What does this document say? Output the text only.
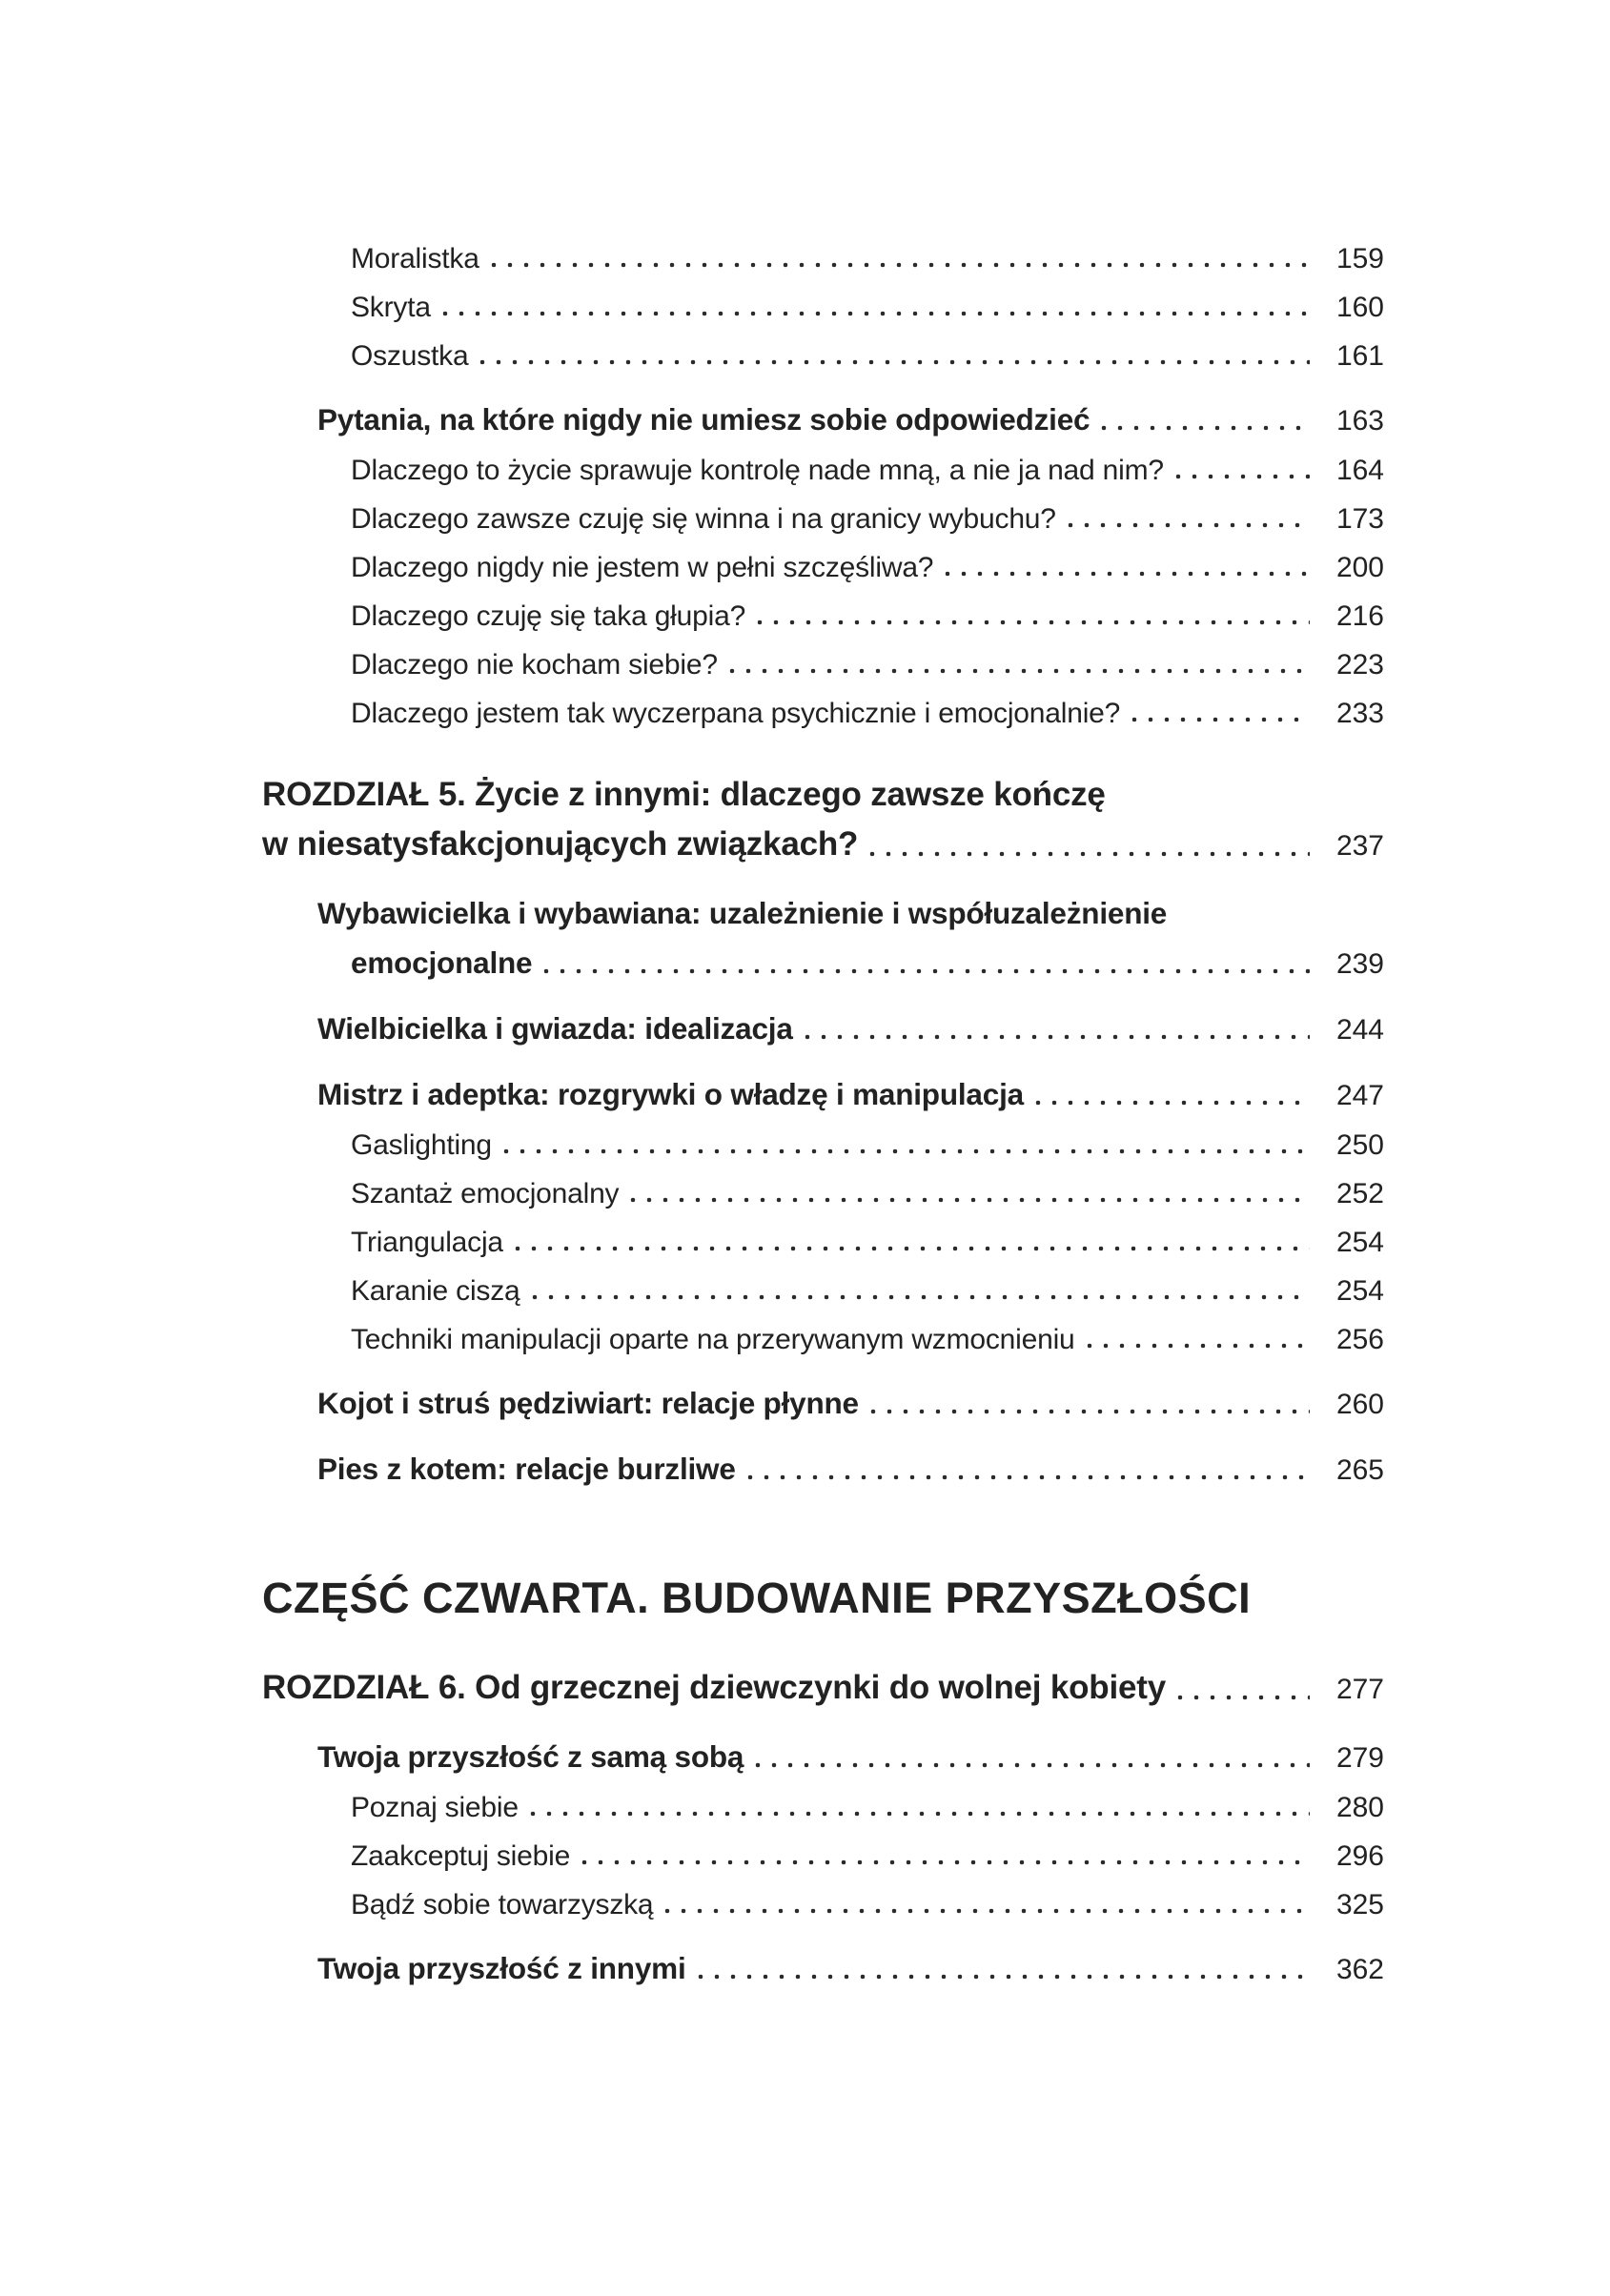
Moralistka	159
Skryta	160
Oszustka	161
Pytania, na które nigdy nie umiesz sobie odpowiedzieć	163
Dlaczego to życie sprawuje kontrolę nade mną, a nie ja nad nim?	164
Dlaczego zawsze czuję się winna i na granicy wybuchu?	173
Dlaczego nigdy nie jestem w pełni szczęśliwa?	200
Dlaczego czuję się taka głupia?	216
Dlaczego nie kocham siebie?	223
Dlaczego jestem tak wyczerpana psychicznie i emocjonalnie?	233
ROZDZIAŁ 5. Życie z innymi: dlaczego zawsze kończę
w niesatysfakcjonujących związkach?	237
Wybawicielka i wybawiana: uzależnienie i współuzależnienie
emocjonalne	239
Wielbicielka i gwiazda: idealizacja	244
Mistrz i adeptka: rozgrywki o władzę i manipulacja	247
Gaslighting	250
Szantaż emocjonalny	252
Triangulacja	254
Karanie ciszą	254
Techniki manipulacji oparte na przerywanym wzmocnieniu	256
Kojot i struś pędziwiart: relacje płynne	260
Pies z kotem: relacje burzliwe	265
CZĘŚĆ CZWARTA. BUDOWANIE PRZYSZŁOŚCI
ROZDZIAŁ 6. Od grzecznej dziewczynki do wolnej kobiety	277
Twoja przyszłość z samą sobą	279
Poznaj siebie	280
Zaakceptuj siebie	296
Bądź sobie towarzyszką	325
Twoja przyszłość z innymi	362
